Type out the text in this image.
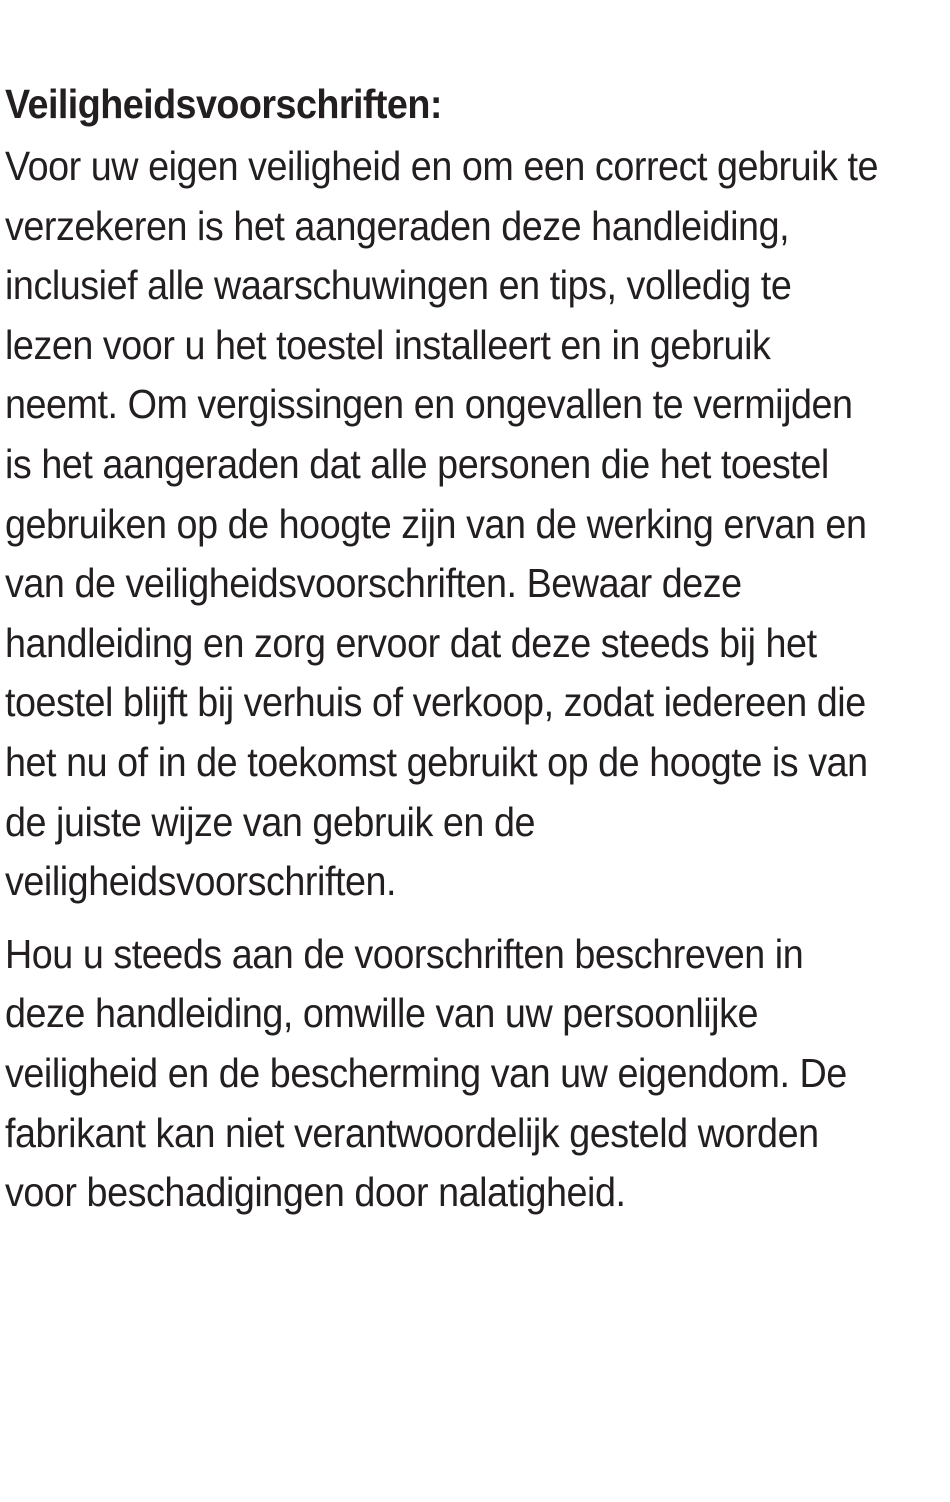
Veiligheidsvoorschriften:
Voor uw eigen veiligheid en om een correct gebruik te
verzekeren is het aangeraden deze handleiding,
inclusief alle waarschuwingen en tips, volledig te
lezen voor u het toestel installeert en in gebruik
neemt. Om vergissingen en ongevallen te vermijden
is het aangeraden dat alle personen die het toestel
gebruiken op de hoogte zijn van de werking ervan en
van de veiligheidsvoorschriften. Bewaar deze
handleiding en zorg ervoor dat deze steeds bij het
toestel blijft bij verhuis of verkoop, zodat iedereen die
het nu of in de toekomst gebruikt op de hoogte is van
de juiste wijze van gebruik en de
veiligheidsvoorschriften.
Hou u steeds aan de voorschriften beschreven in
deze handleiding, omwille van uw persoonlijke
veiligheid en de bescherming van uw eigendom. De
fabrikant kan niet verantwoordelijk gesteld worden
voor beschadigingen door nalatigheid.
